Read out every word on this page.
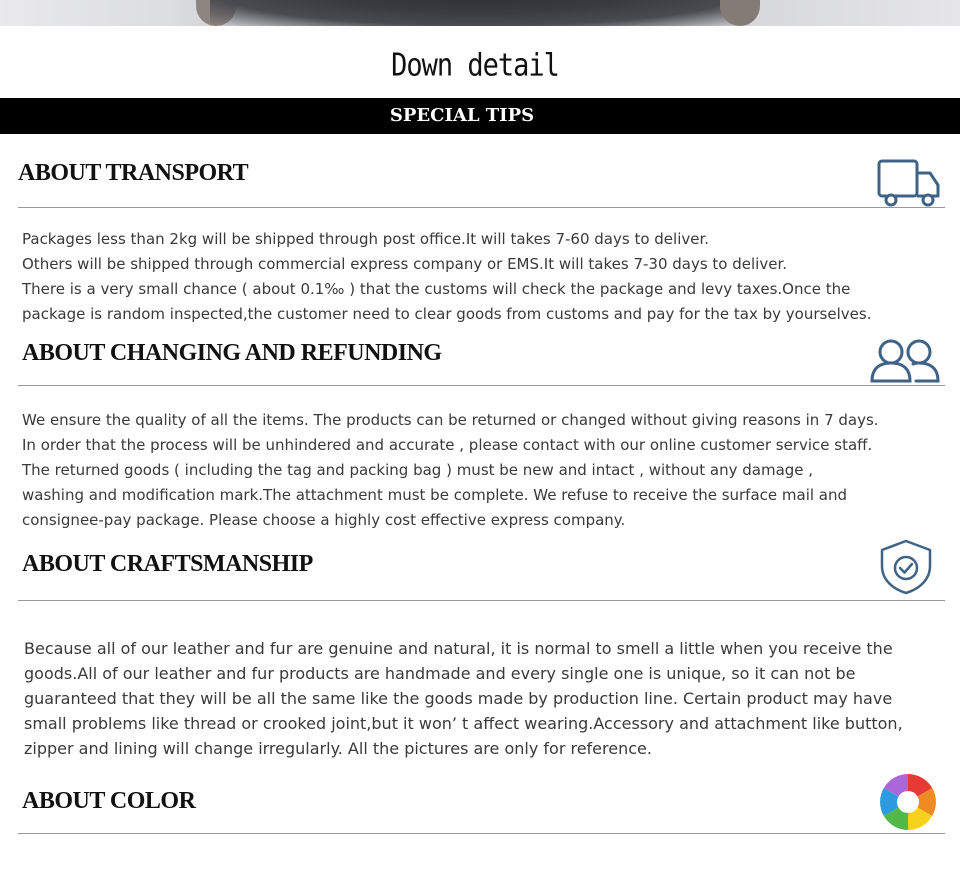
Down detail
SPECIAL TIPS
ABOUT TRANSPORT
Packages less than 2kg will be shipped through post office.It will takes 7-60 days to deliver.
Others will be shipped through commercial express company or EMS.It will takes 7-30 days to deliver.
There is a very small chance ( about 0.1‰ ) that the customs will check the package and levy taxes.Once the
package is random inspected,the customer need to clear goods from customs and pay for the tax by yourselves.
ABOUT CHANGING AND REFUNDING
We ensure the quality of all the items. The products can be returned or changed without giving reasons in 7 days.
In order that the process will be unhindered and accurate , please contact with our online customer service staff.
The returned goods ( including the tag and packing bag ) must be new and intact , without any damage ,
washing and modification mark.The attachment must be complete. We refuse to receive the surface mail and
consignee-pay package. Please choose a highly cost effective express company.
ABOUT CRAFTSMANSHIP
Because all of our leather and fur are genuine and natural, it is normal to smell a little when you receive the
goods.All of our leather and fur products are handmade and every single one is unique, so it can not be
guaranteed that they will be all the same like the goods made by production line. Certain product may have
small problems like thread or crooked joint,but it won’ t affect wearing.Accessory and attachment like button,
zipper and lining will change irregularly. All the pictures are only for reference.
ABOUT COLOR
